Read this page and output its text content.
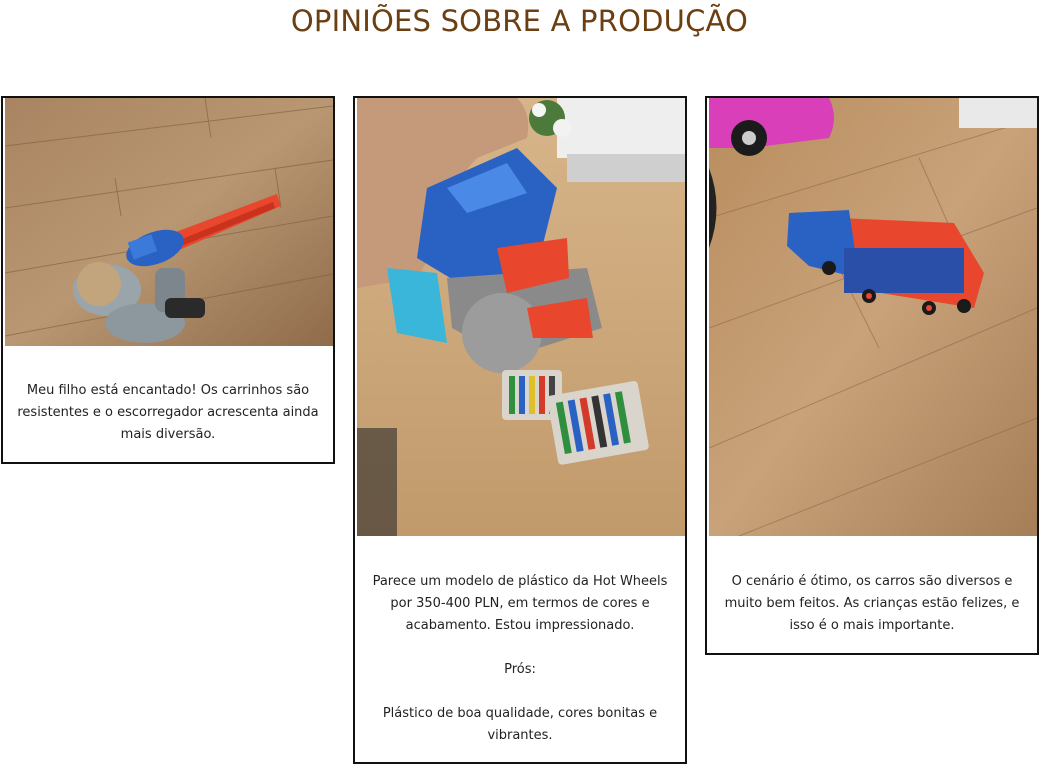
OPINIÕES SOBRE A PRODUÇÃO

Meu filho está encantado! Os carrinhos são resistentes e o escorregador acrescenta ainda mais diversão.

Parece um modelo de plástico da Hot Wheels por 350-400 PLN, em termos de cores e acabamento. Estou impressionado.

Prós:

Plástico de boa qualidade, cores bonitas e vibrantes.

O cenário é ótimo, os carros são diversos e muito bem feitos. As crianças estão felizes, e isso é o mais importante.
